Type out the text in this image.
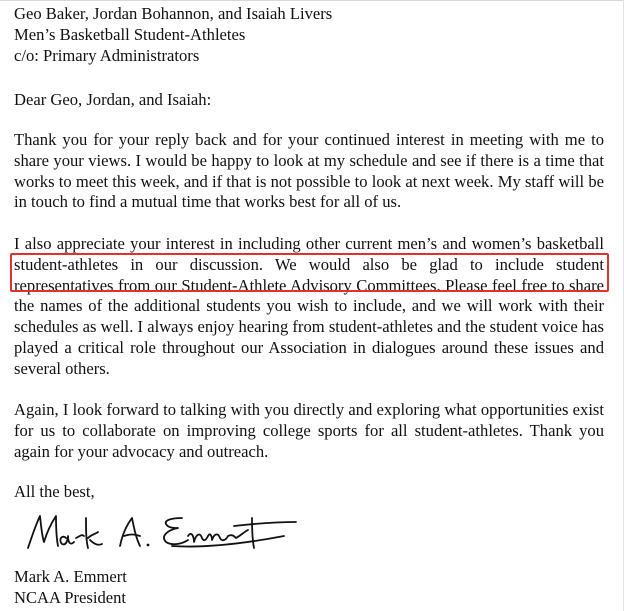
Geo Baker, Jordan Bohannon, and Isaiah Livers
Men’s Basketball Student-Athletes
c/o: Primary Administrators
Dear Geo, Jordan, and Isaiah:
Thank you for your reply back and for your continued interest in meeting with me to share your views. I would be happy to look at my schedule and see if there is a time that works to meet this week, and if that is not possible to look at next week. My staff will be in touch to find a mutual time that works best for all of us.
I also appreciate your interest in including other current men’s and women’s basketball student-athletes in our discussion. We would also be glad to include student representatives from our Student-Athlete Advisory Committees. Please feel free to share the names of the additional students you wish to include, and we will work with their schedules as well. I always enjoy hearing from student-athletes and the student voice has played a critical role throughout our Association in dialogues around these issues and several others.
Again, I look forward to talking with you directly and exploring what opportunities exist for us to collaborate on improving college sports for all student-athletes. Thank you again for your advocacy and outreach.
All the best,
Mark A. Emmert
NCAA President
